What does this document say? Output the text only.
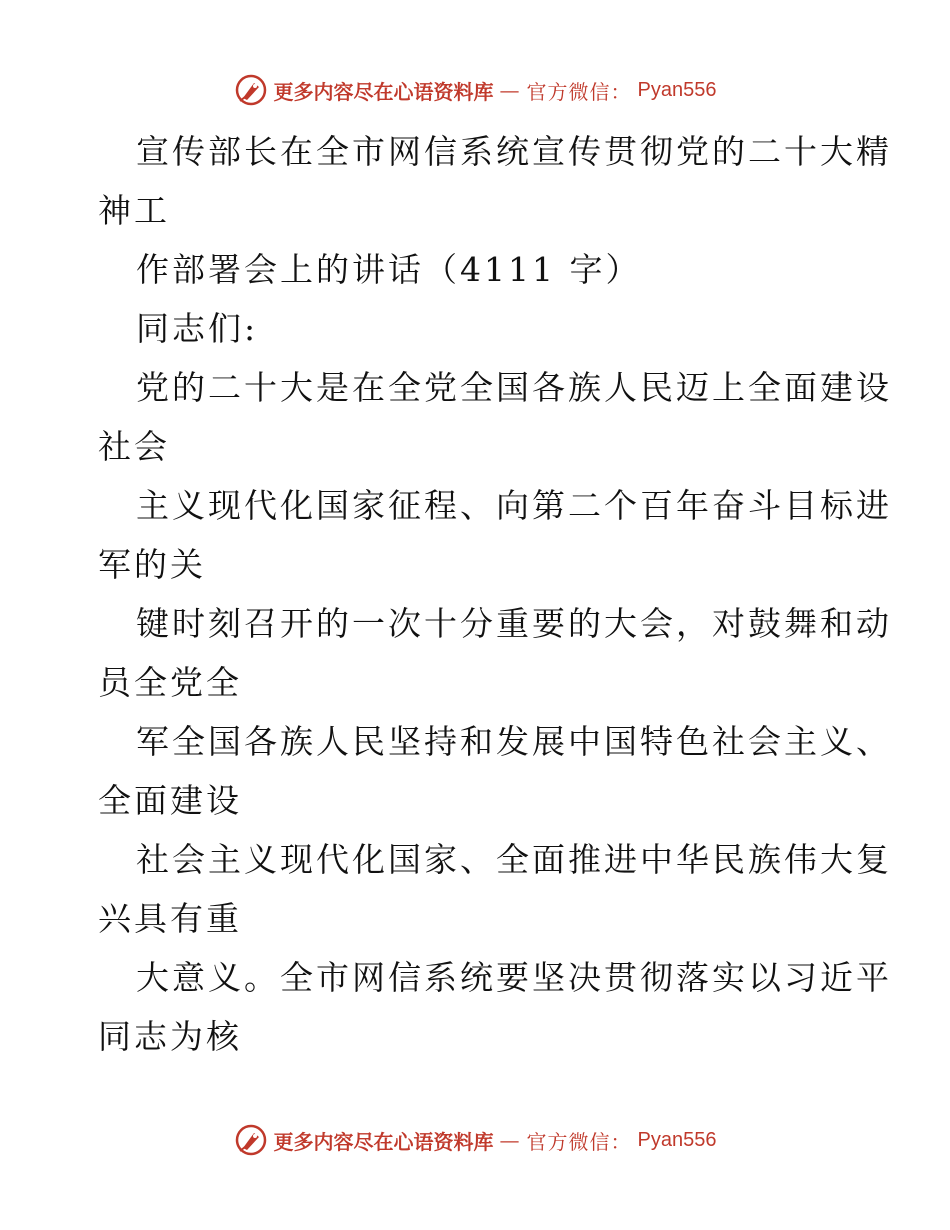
更多内容尽在心语资料库 — 官方微信： Pyan556
宣传部长在全市网信系统宣传贯彻党的二十大精
神工
作部署会上的讲话（4111 字）
同志们:
党的二十大是在全党全国各族人民迈上全面建设
社会
主义现代化国家征程、向第二个百年奋斗目标进
军的关
键时刻召开的一次十分重要的大会，对鼓舞和动
员全党全
军全国各族人民坚持和发展中国特色社会主义、
全面建设
社会主义现代化国家、全面推进中华民族伟大复
兴具有重
大意义。全市网信系统要坚决贯彻落实以习近平
同志为核
更多内容尽在心语资料库 — 官方微信： Pyan556
